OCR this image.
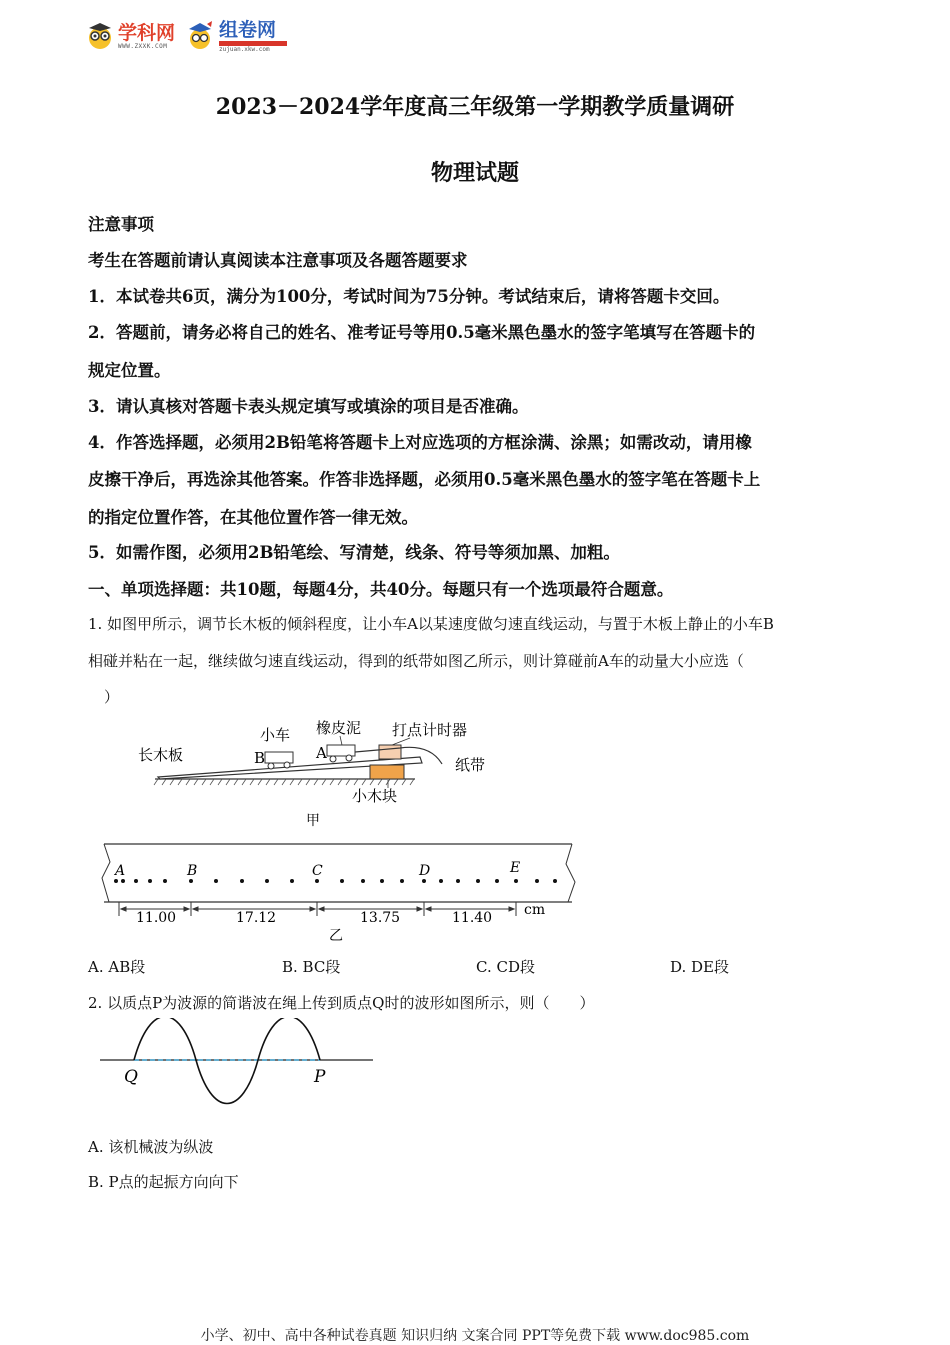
学科网
WWW.ZXXK.COM
组卷网
zujuan.xkw.com
2023－2024学年度高三年级第一学期教学质量调研
物理试题
注意事项
考生在答题前请认真阅读本注意事项及各题答题要求
1．本试卷共6页，满分为100分，考试时间为75分钟。考试结束后，请将答题卡交回。
2．答题前，请务必将自己的姓名、准考证号等用0.5毫米黑色墨水的签字笔填写在答题卡的
规定位置。
3．请认真核对答题卡表头规定填写或填涂的项目是否准确。
4．作答选择题，必须用2B铅笔将答题卡上对应选项的方框涂满、涂黑；如需改动，请用橡
皮擦干净后，再选涂其他答案。作答非选择题，必须用0.5毫米黑色墨水的签字笔在答题卡上
的指定位置作答，在其他位置作答一律无效。
5．如需作图，必须用2B铅笔绘、写清楚，线条、符号等须加黑、加粗。
一、单项选择题：共10题，每题4分，共40分。每题只有一个选项最符合题意。
1. 如图甲所示，调节长木板的倾斜程度，让小车A以某速度做匀速直线运动，与置于木板上静止的小车B
相碰并粘在一起，继续做匀速直线运动，得到的纸带如图乙所示，则计算碰前A车的动量大小应选（
）
长木板
小车
B	A
橡皮泥 打点计时器
纸带
小木块
甲
A	B	C	D	E
11.00	17.12	13.75	11.40 cm
乙
A. AB段	B. BC段	C. CD段	D. DE段
2. 以质点P为波源的简谐波在绳上传到质点Q时的波形如图所示，则（　　）
Q	P
A. 该机械波为纵波
B. P点的起振方向向下
小学、初中、高中各种试卷真题 知识归纳 文案合同 PPT等免费下载 www.doc985.com
